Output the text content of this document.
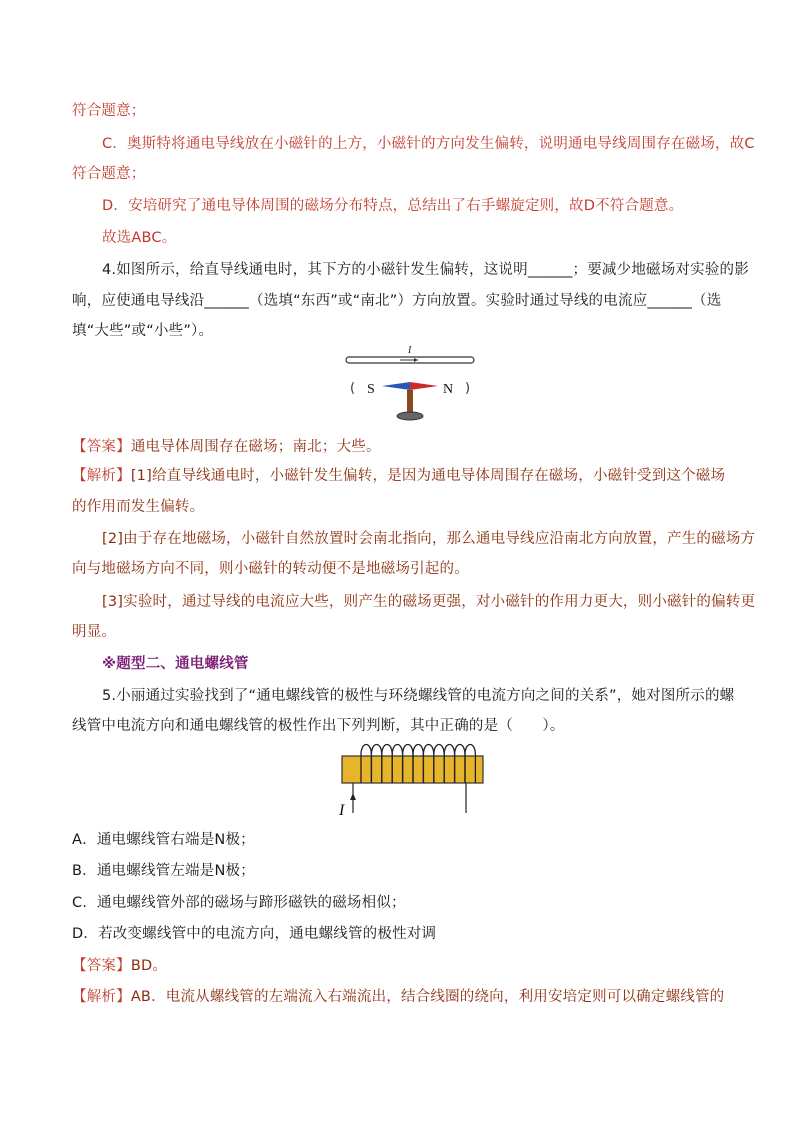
符合题意；
C．奥斯特将通电导线放在小磁针的上方，小磁针的方向发生偏转，说明通电导线周围存在磁场，故C
符合题意；
D．安培研究了通电导体周围的磁场分布特点，总结出了右手螺旋定则，故D不符合题意。
故选ABC。
4.如图所示，给直导线通电时，其下方的小磁针发生偏转，这说明______；要减少地磁场对实验的影
响，应使通电导线沿______（选填“东西”或“南北”）方向放置。实验时通过导线的电流应______（选
填“大些”或“小些”）。
I
(	)
S	N
【答案】通电导体周围存在磁场；南北；大些。
【解析】[1]给直导线通电时，小磁针发生偏转，是因为通电导体周围存在磁场，小磁针受到这个磁场
的作用而发生偏转。
[2]由于存在地磁场，小磁针自然放置时会南北指向，那么通电导线应沿南北方向放置，产生的磁场方
向与地磁场方向不同，则小磁针的转动便不是地磁场引起的。
[3]实验时，通过导线的电流应大些，则产生的磁场更强，对小磁针的作用力更大，则小磁针的偏转更
明显。
※题型二、通电螺线管
5.小丽通过实验找到了“通电螺线管的极性与环绕螺线管的电流方向之间的关系”，她对图所示的螺
线管中电流方向和通电螺线管的极性作出下列判断，其中正确的是（　　）。
I
A．通电螺线管右端是N极；
B．通电螺线管左端是N极；
C．通电螺线管外部的磁场与蹄形磁铁的磁场相似；
D．若改变螺线管中的电流方向，通电螺线管的极性对调
【答案】BD。
【解析】AB．电流从螺线管的左端流入右端流出，结合线圈的绕向，利用安培定则可以确定螺线管的
